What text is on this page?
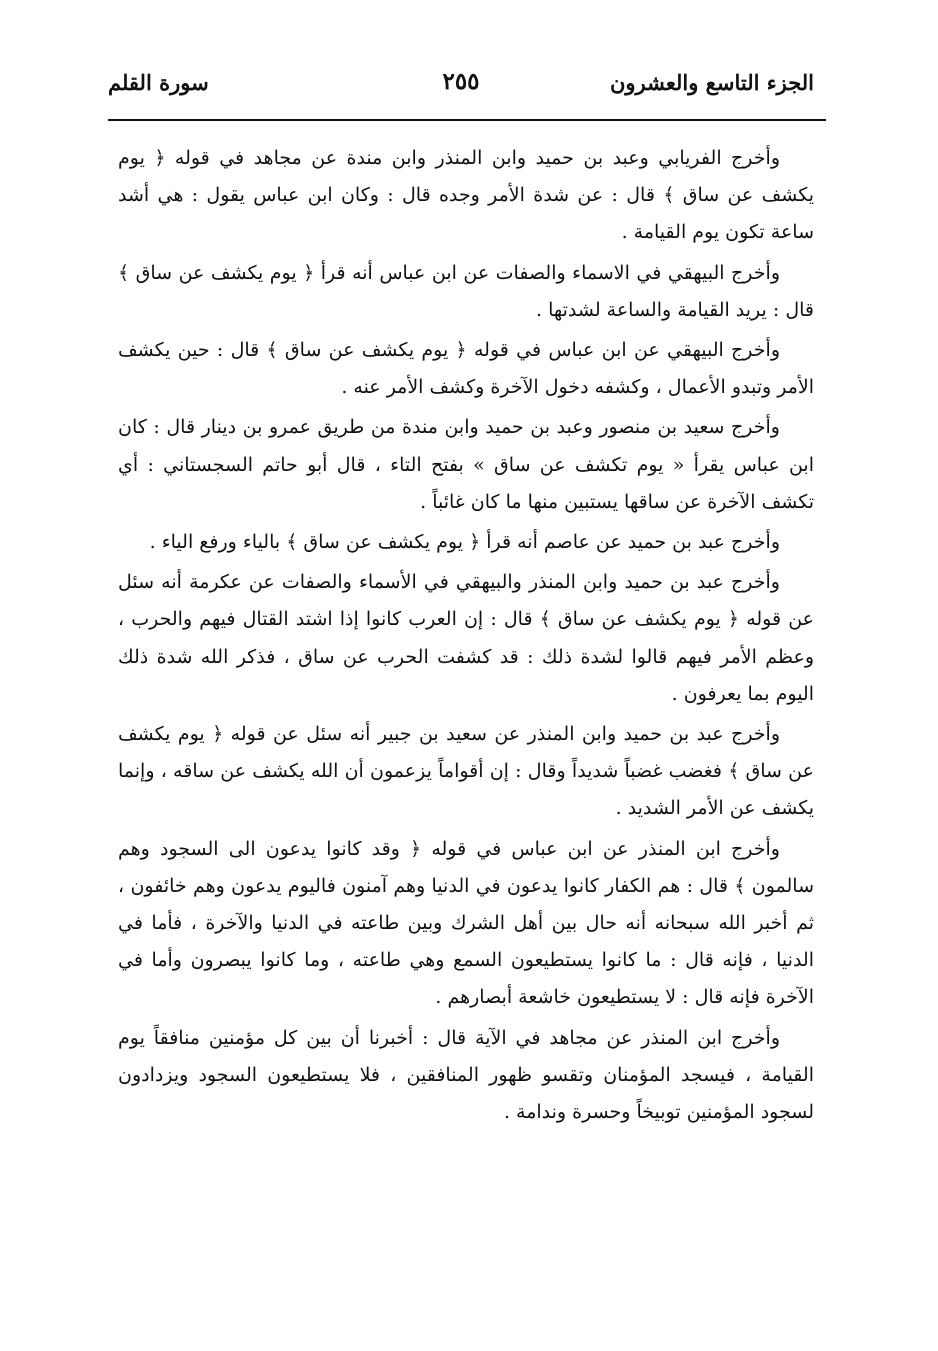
الجزء التاسع والعشرون
٢٥٥
سورة القلم

وأخرج الفريابي وعبد بن حميد وابن المنذر وابن مندة عن مجاهد في قوله ﴿ يوم يكشف عن ساق ﴾ قال : عن شدة الأمر وجده قال : وكان ابن عباس يقول : هي أشد ساعة تكون يوم القيامة .

وأخرج البيهقي في الاسماء والصفات عن ابن عباس أنه قرأ ﴿ يوم يكشف عن ساق ﴾ قال : يريد القيامة والساعة لشدتها .

وأخرج البيهقي عن ابن عباس في قوله ﴿ يوم يكشف عن ساق ﴾ قال : حين يكشف الأمر وتبدو الأعمال ، وكشفه دخول الآخرة وكشف الأمر عنه .

وأخرج سعيد بن منصور وعبد بن حميد وابن مندة من طريق عمرو بن دينار قال : كان ابن عباس يقرأ « يوم تكشف عن ساق » بفتح التاء ، قال أبو حاتم السجستاني : أي تكشف الآخرة عن ساقها يستبين منها ما كان غائباً .

وأخرج عبد بن حميد عن عاصم أنه قرأ ﴿ يوم يكشف عن ساق ﴾ بالياء ورفع الياء .

وأخرج عبد بن حميد وابن المنذر والبيهقي في الأسماء والصفات عن عكرمة أنه سئل عن قوله ﴿ يوم يكشف عن ساق ﴾ قال : إن العرب كانوا إذا اشتد القتال فيهم والحرب ، وعظم الأمر فيهم قالوا لشدة ذلك : قد كشفت الحرب عن ساق ، فذكر الله شدة ذلك اليوم بما يعرفون .

وأخرج عبد بن حميد وابن المنذر عن سعيد بن جبير أنه سئل عن قوله ﴿ يوم يكشف عن ساق ﴾ فغضب غضباً شديداً وقال : إن أقواماً يزعمون أن الله يكشف عن ساقه ، وإنما يكشف عن الأمر الشديد .

وأخرج ابن المنذر عن ابن عباس في قوله ﴿ وقد كانوا يدعون الى السجود وهم سالمون ﴾ قال : هم الكفار كانوا يدعون في الدنيا وهم آمنون فاليوم يدعون وهم خائفون ، ثم أخبر الله سبحانه أنه حال بين أهل الشرك وبين طاعته في الدنيا والآخرة ، فأما في الدنيا ، فإنه قال : ما كانوا يستطيعون السمع وهي طاعته ، وما كانوا يبصرون وأما في الآخرة فإنه قال : لا يستطيعون خاشعة أبصارهم .

وأخرج ابن المنذر عن مجاهد في الآية قال : أخبرنا أن بين كل مؤمنين منافقاً يوم القيامة ، فيسجد المؤمنان وتقسو ظهور المنافقين ، فلا يستطيعون السجود ويزدادون لسجود المؤمنين توبيخاً وحسرة وندامة .
